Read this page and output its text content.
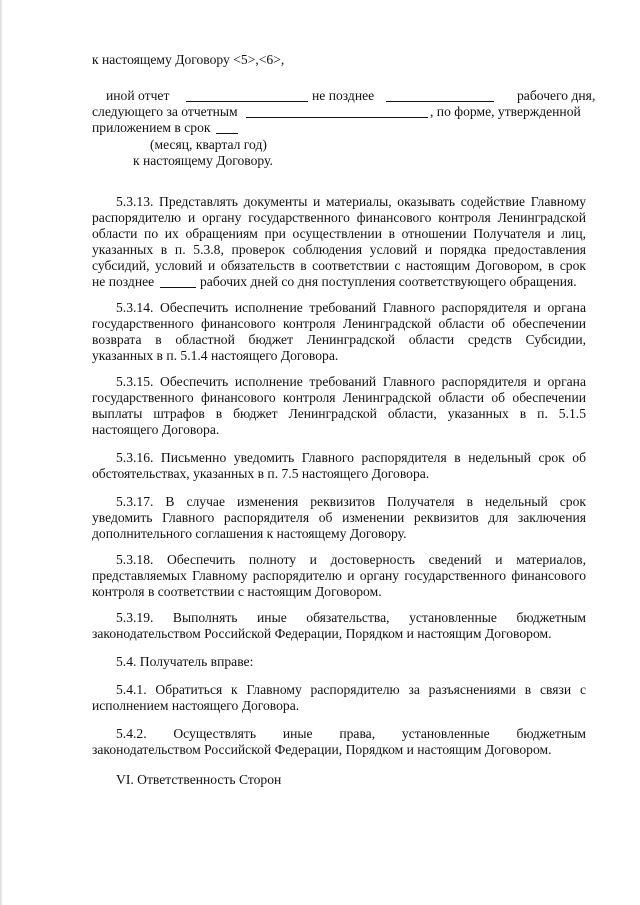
к настоящему Договору <5>,<6>,

иной отчет	не позднее	рабочего дня,

следующего за отчетным	, по форме, утвержденной

приложением в срок

(месяц, квартал год)

к настоящему Договору.

5.3.13. Представлять документы и материалы, оказывать содействие Главному

распорядителю и органу государственного финансового контроля Ленинградской

области по их обращениям при осуществлении в отношении Получателя и лиц,

указанных в п. 5.3.8, проверок соблюдения условий и порядка предоставления

субсидий, условий и обязательств в соответствии с настоящим Договором, в срок

не позднее	рабочих дней со дня поступления соответствующего обращения.

5.3.14. Обеспечить исполнение требований Главного распорядителя и органа

государственного финансового контроля Ленинградской области об обеспечении

возврата в областной бюджет Ленинградской области средств Субсидии,

указанных в п. 5.1.4 настоящего Договора.

5.3.15. Обеспечить исполнение требований Главного распорядителя и органа

государственного финансового контроля Ленинградской области об обеспечении

выплаты штрафов в бюджет Ленинградской области, указанных в п. 5.1.5

настоящего Договора.

5.3.16. Письменно уведомить Главного распорядителя в недельный срок об

обстоятельствах, указанных в п. 7.5 настоящего Договора.

5.3.17. В случае изменения реквизитов Получателя в недельный срок

уведомить Главного распорядителя об изменении реквизитов для заключения

дополнительного соглашения к настоящему Договору.

5.3.18. Обеспечить полноту и достоверность сведений и материалов,

представляемых Главному распорядителю и органу государственного финансового

контроля в соответствии с настоящим Договором.

5.3.19. Выполнять иные обязательства, установленные бюджетным

законодательством Российской Федерации, Порядком и настоящим Договором.

5.4. Получатель вправе:

5.4.1. Обратиться к Главному распорядителю за разъяснениями в связи с

исполнением настоящего Договора.

5.4.2. Осуществлять иные права, установленные бюджетным

законодательством Российской Федерации, Порядком и настоящим Договором.

VI. Ответственность Сторон
